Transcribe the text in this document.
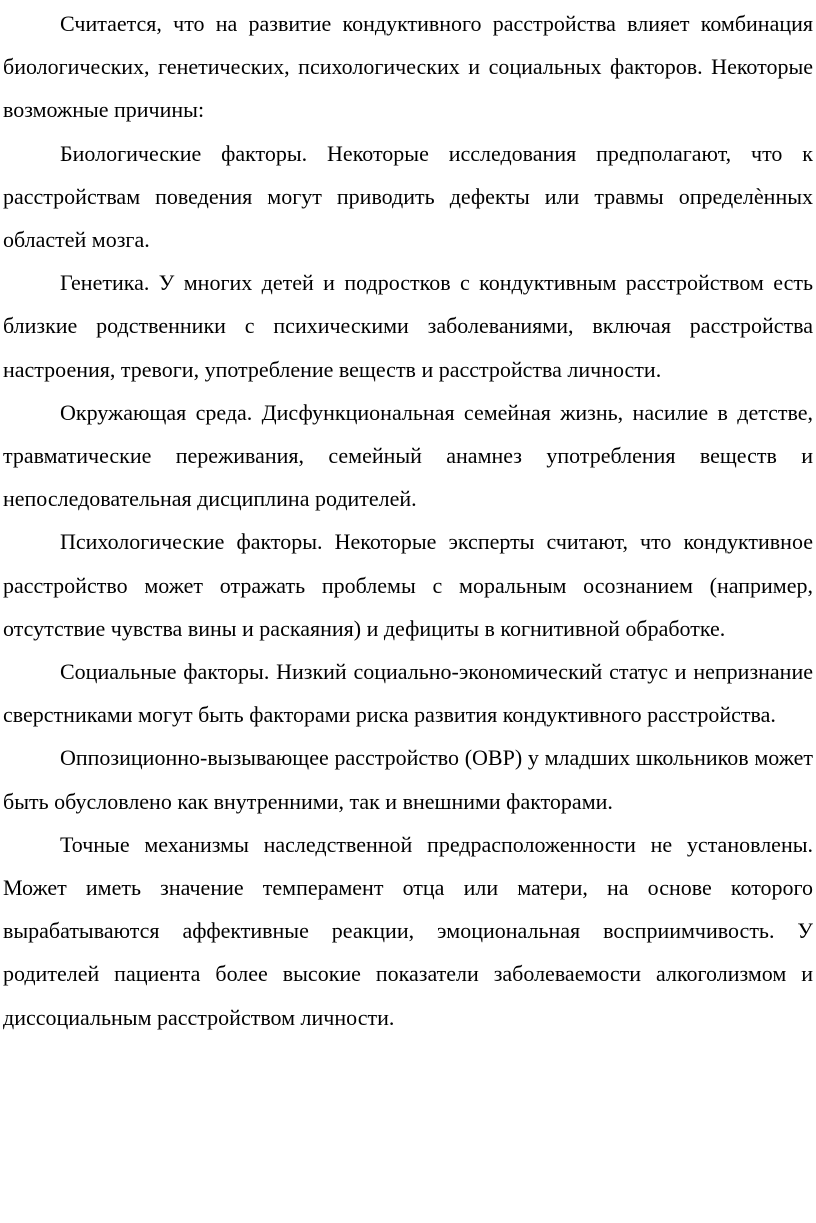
Считается, что на развитие кондуктивного расстройства влияет комбинация биологических, генетических, психологических и социальных факторов. Некоторые возможные причины:

Биологические факторы. Некоторые исследования предполагают, что к расстройствам поведения могут приводить дефекты или травмы определѐнных областей мозга.

Генетика. У многих детей и подростков с кондуктивным расстройством есть близкие родственники с психическими заболеваниями, включая расстройства настроения, тревоги, употребление веществ и расстройства личности.

Окружающая среда. Дисфункциональная семейная жизнь, насилие в детстве, травматические переживания, семейный анамнез употребления веществ и непоследовательная дисциплина родителей.

Психологические факторы. Некоторые эксперты считают, что кондуктивное расстройство может отражать проблемы с моральным осознанием (например, отсутствие чувства вины и раскаяния) и дефициты в когнитивной обработке.

Социальные факторы. Низкий социально-экономический статус и непризнание сверстниками могут быть факторами риска развития кондуктивного расстройства.

Оппозиционно-вызывающее расстройство (ОВР) у младших школьников может быть обусловлено как внутренними, так и внешними факторами.

Точные механизмы наследственной предрасположенности не установлены. Может иметь значение темперамент отца или матери, на основе которого вырабатываются аффективные реакции, эмоциональная восприимчивость. У родителей пациента более высокие показатели заболеваемости алкоголизмом и диссоциальным расстройством личности.
